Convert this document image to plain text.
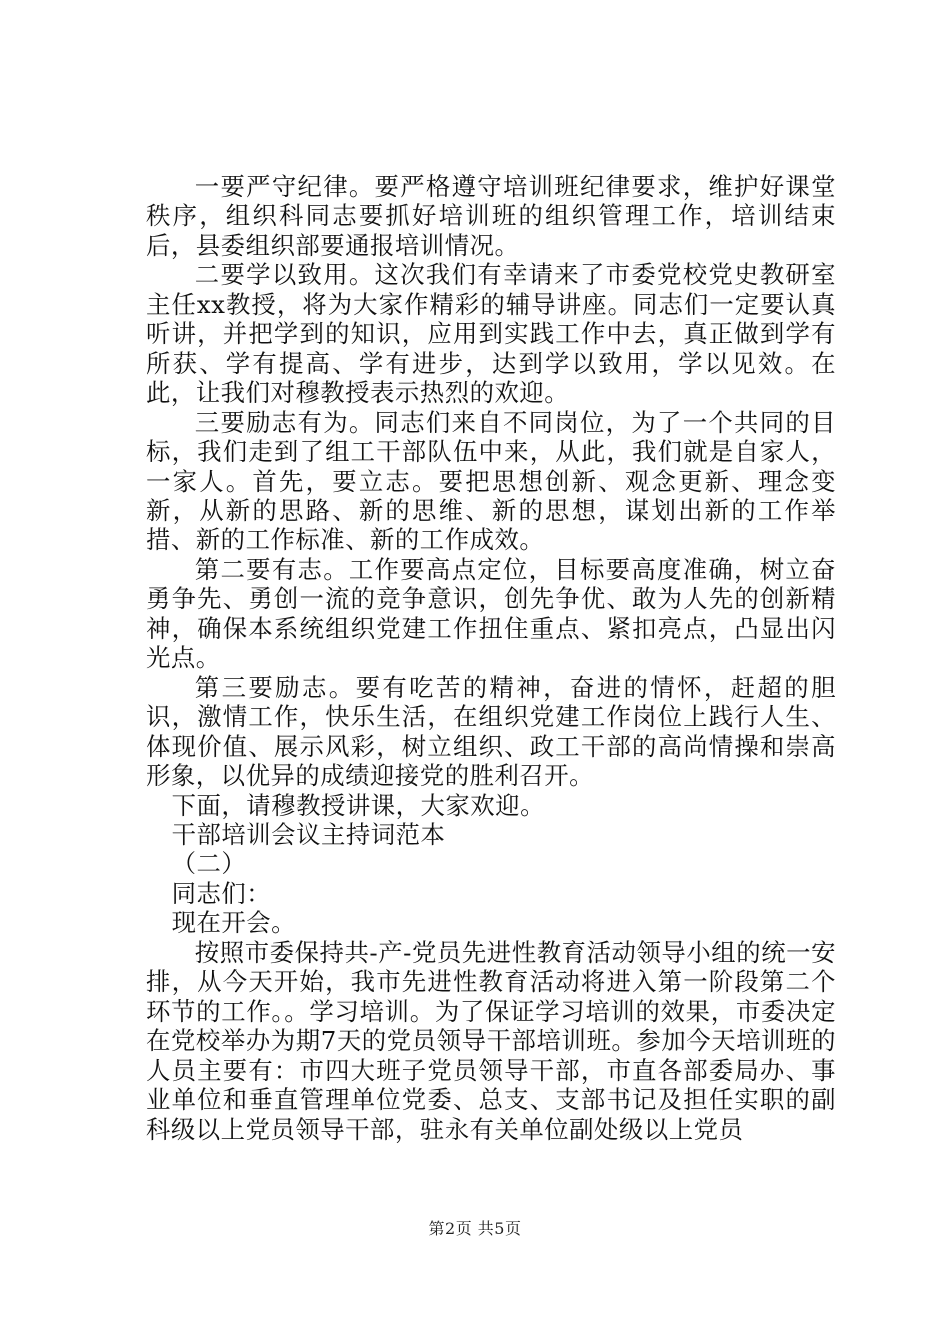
一要严守纪律。要严格遵守培训班纪律要求，维护好课堂秩序，组织科同志要抓好培训班的组织管理工作，培训结束后，县委组织部要通报培训情况。

二要学以致用。这次我们有幸请来了市委党校党史教研室主任xx教授，将为大家作精彩的辅导讲座。同志们一定要认真听讲，并把学到的知识，应用到实践工作中去，真正做到学有所获、学有提高、学有进步，达到学以致用，学以见效。在此，让我们对穆教授表示热烈的欢迎。

三要励志有为。同志们来自不同岗位，为了一个共同的目标，我们走到了组工干部队伍中来，从此，我们就是自家人，一家人。首先，要立志。要把思想创新、观念更新、理念变新，从新的思路、新的思维、新的思想，谋划出新的工作举措、新的工作标准、新的工作成效。

第二要有志。工作要高点定位，目标要高度准确，树立奋勇争先、勇创一流的竞争意识，创先争优、敢为人先的创新精神，确保本系统组织党建工作扭住重点、紧扣亮点，凸显出闪光点。

第三要励志。要有吃苦的精神，奋进的情怀，赶超的胆识，激情工作，快乐生活，在组织党建工作岗位上践行人生、体现价值、展示风彩，树立组织、政工干部的高尚情操和崇高形象，以优异的成绩迎接党的胜利召开。

下面，请穆教授讲课，大家欢迎。

干部培训会议主持词范本

（二）

同志们：

现在开会。

按照市委保持共-产-党员先进性教育活动领导小组的统一安排，从今天开始，我市先进性教育活动将进入第一阶段第二个环节的工作。。学习培训。为了保证学习培训的效果，市委决定在党校举办为期7天的党员领导干部培训班。参加今天培训班的人员主要有：市四大班子党员领导干部，市直各部委局办、事业单位和垂直管理单位党委、总支、支部书记及担任实职的副科级以上党员领导干部，驻永有关单位副处级以上党员

第2页 共5页
